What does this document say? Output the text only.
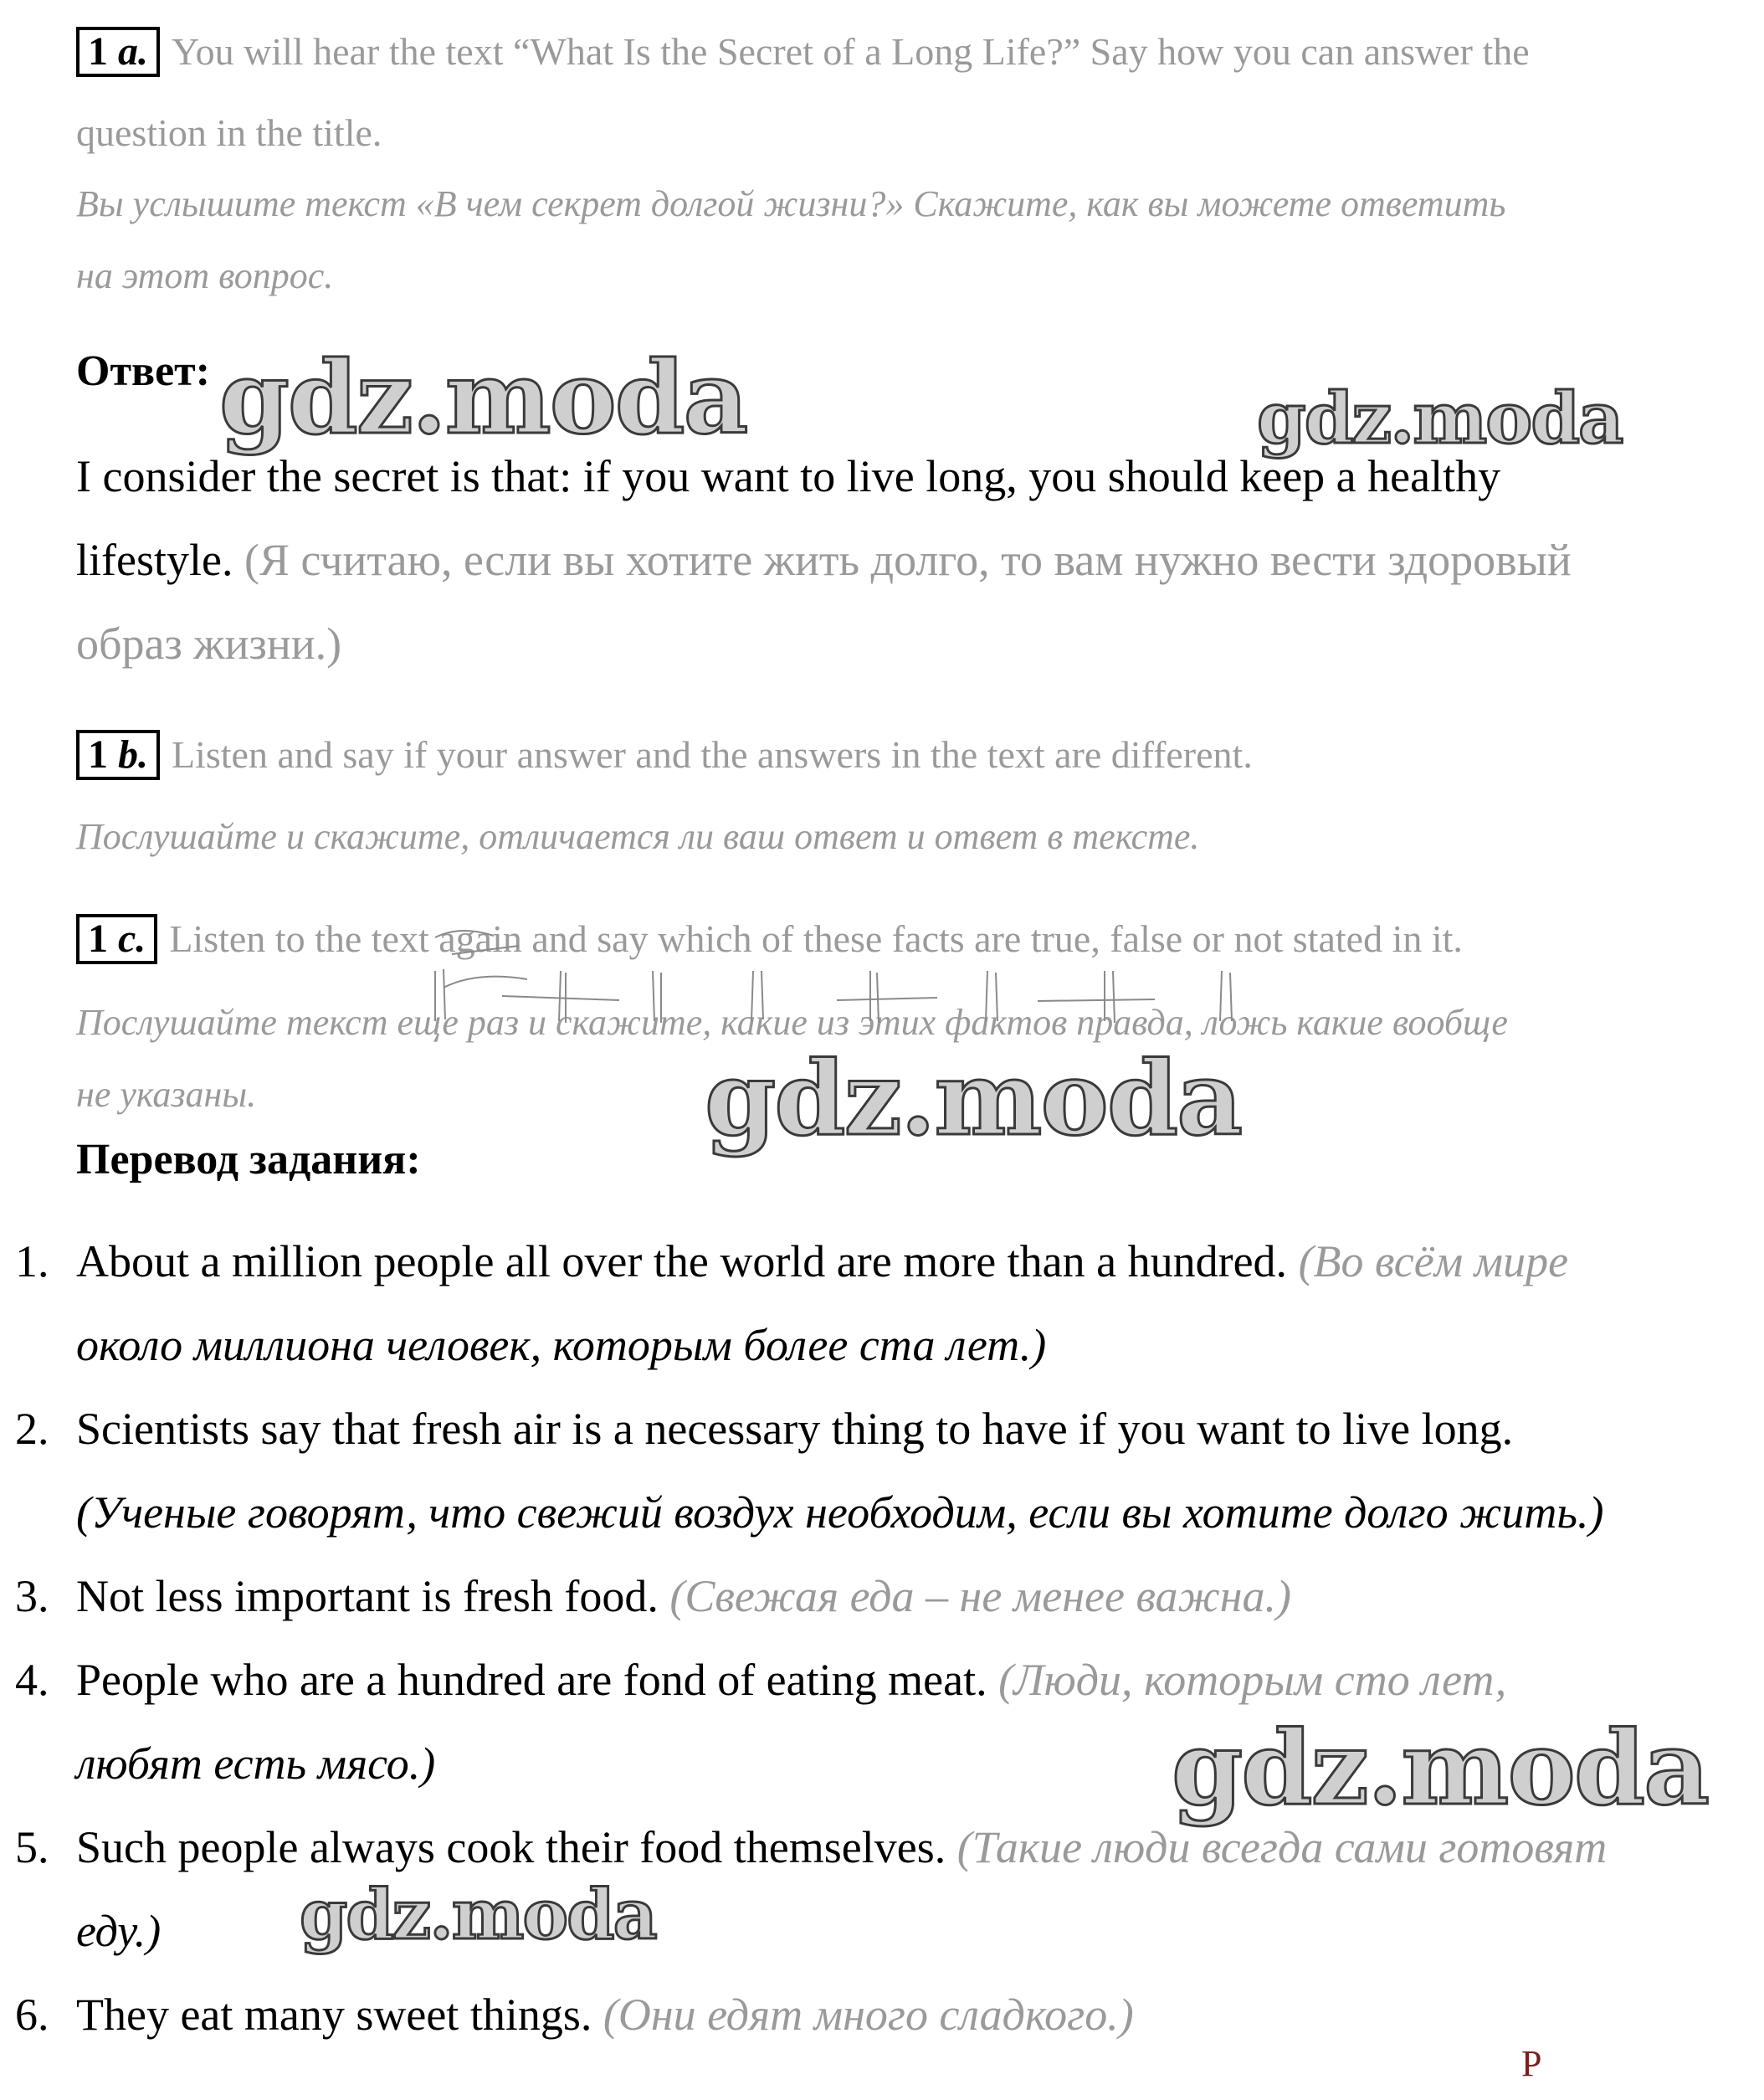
1 a. You will hear the text “What Is the Secret of a Long Life?” Say how you can answer the
question in the title.
Вы услышите текст «В чем секрет долгой жизни?» Скажите, как вы можете ответить
на этот вопрос.
Ответ:
I consider the secret is that: if you want to live long, you should keep a healthy
lifestyle. (Я считаю, если вы хотите жить долго, то вам нужно вести здоровый
образ жизни.)
1 b. Listen and say if your answer and the answers in the text are different.
Послушайте и скажите, отличается ли ваш ответ и ответ в тексте.
1 c. Listen to the text again and say which of these facts are true, false or not stated in it.
Послушайте текст еще раз и скажите, какие из этих фактов правда, ложь какие вообще
не указаны.
Перевод задания:
1. About a million people all over the world are more than a hundred. (Во всём мире
около миллиона человек, которым более ста лет.)
2. Scientists say that fresh air is a necessary thing to have if you want to live long.
(Ученые говорят, что свежий воздух необходим, если вы хотите долго жить.)
3. Not less important is fresh food. (Свежая еда – не менее важна.)
4. People who are a hundred are fond of eating meat. (Люди, которым сто лет,
любят есть мясо.)
5. Such people always cook their food themselves. (Такие люди всегда сами готовят
еду.)
6. They eat many sweet things. (Они едят много сладкого.)
gdz.moda	gdz.moda
gdz.moda
gdz.moda
gdz.moda
P
